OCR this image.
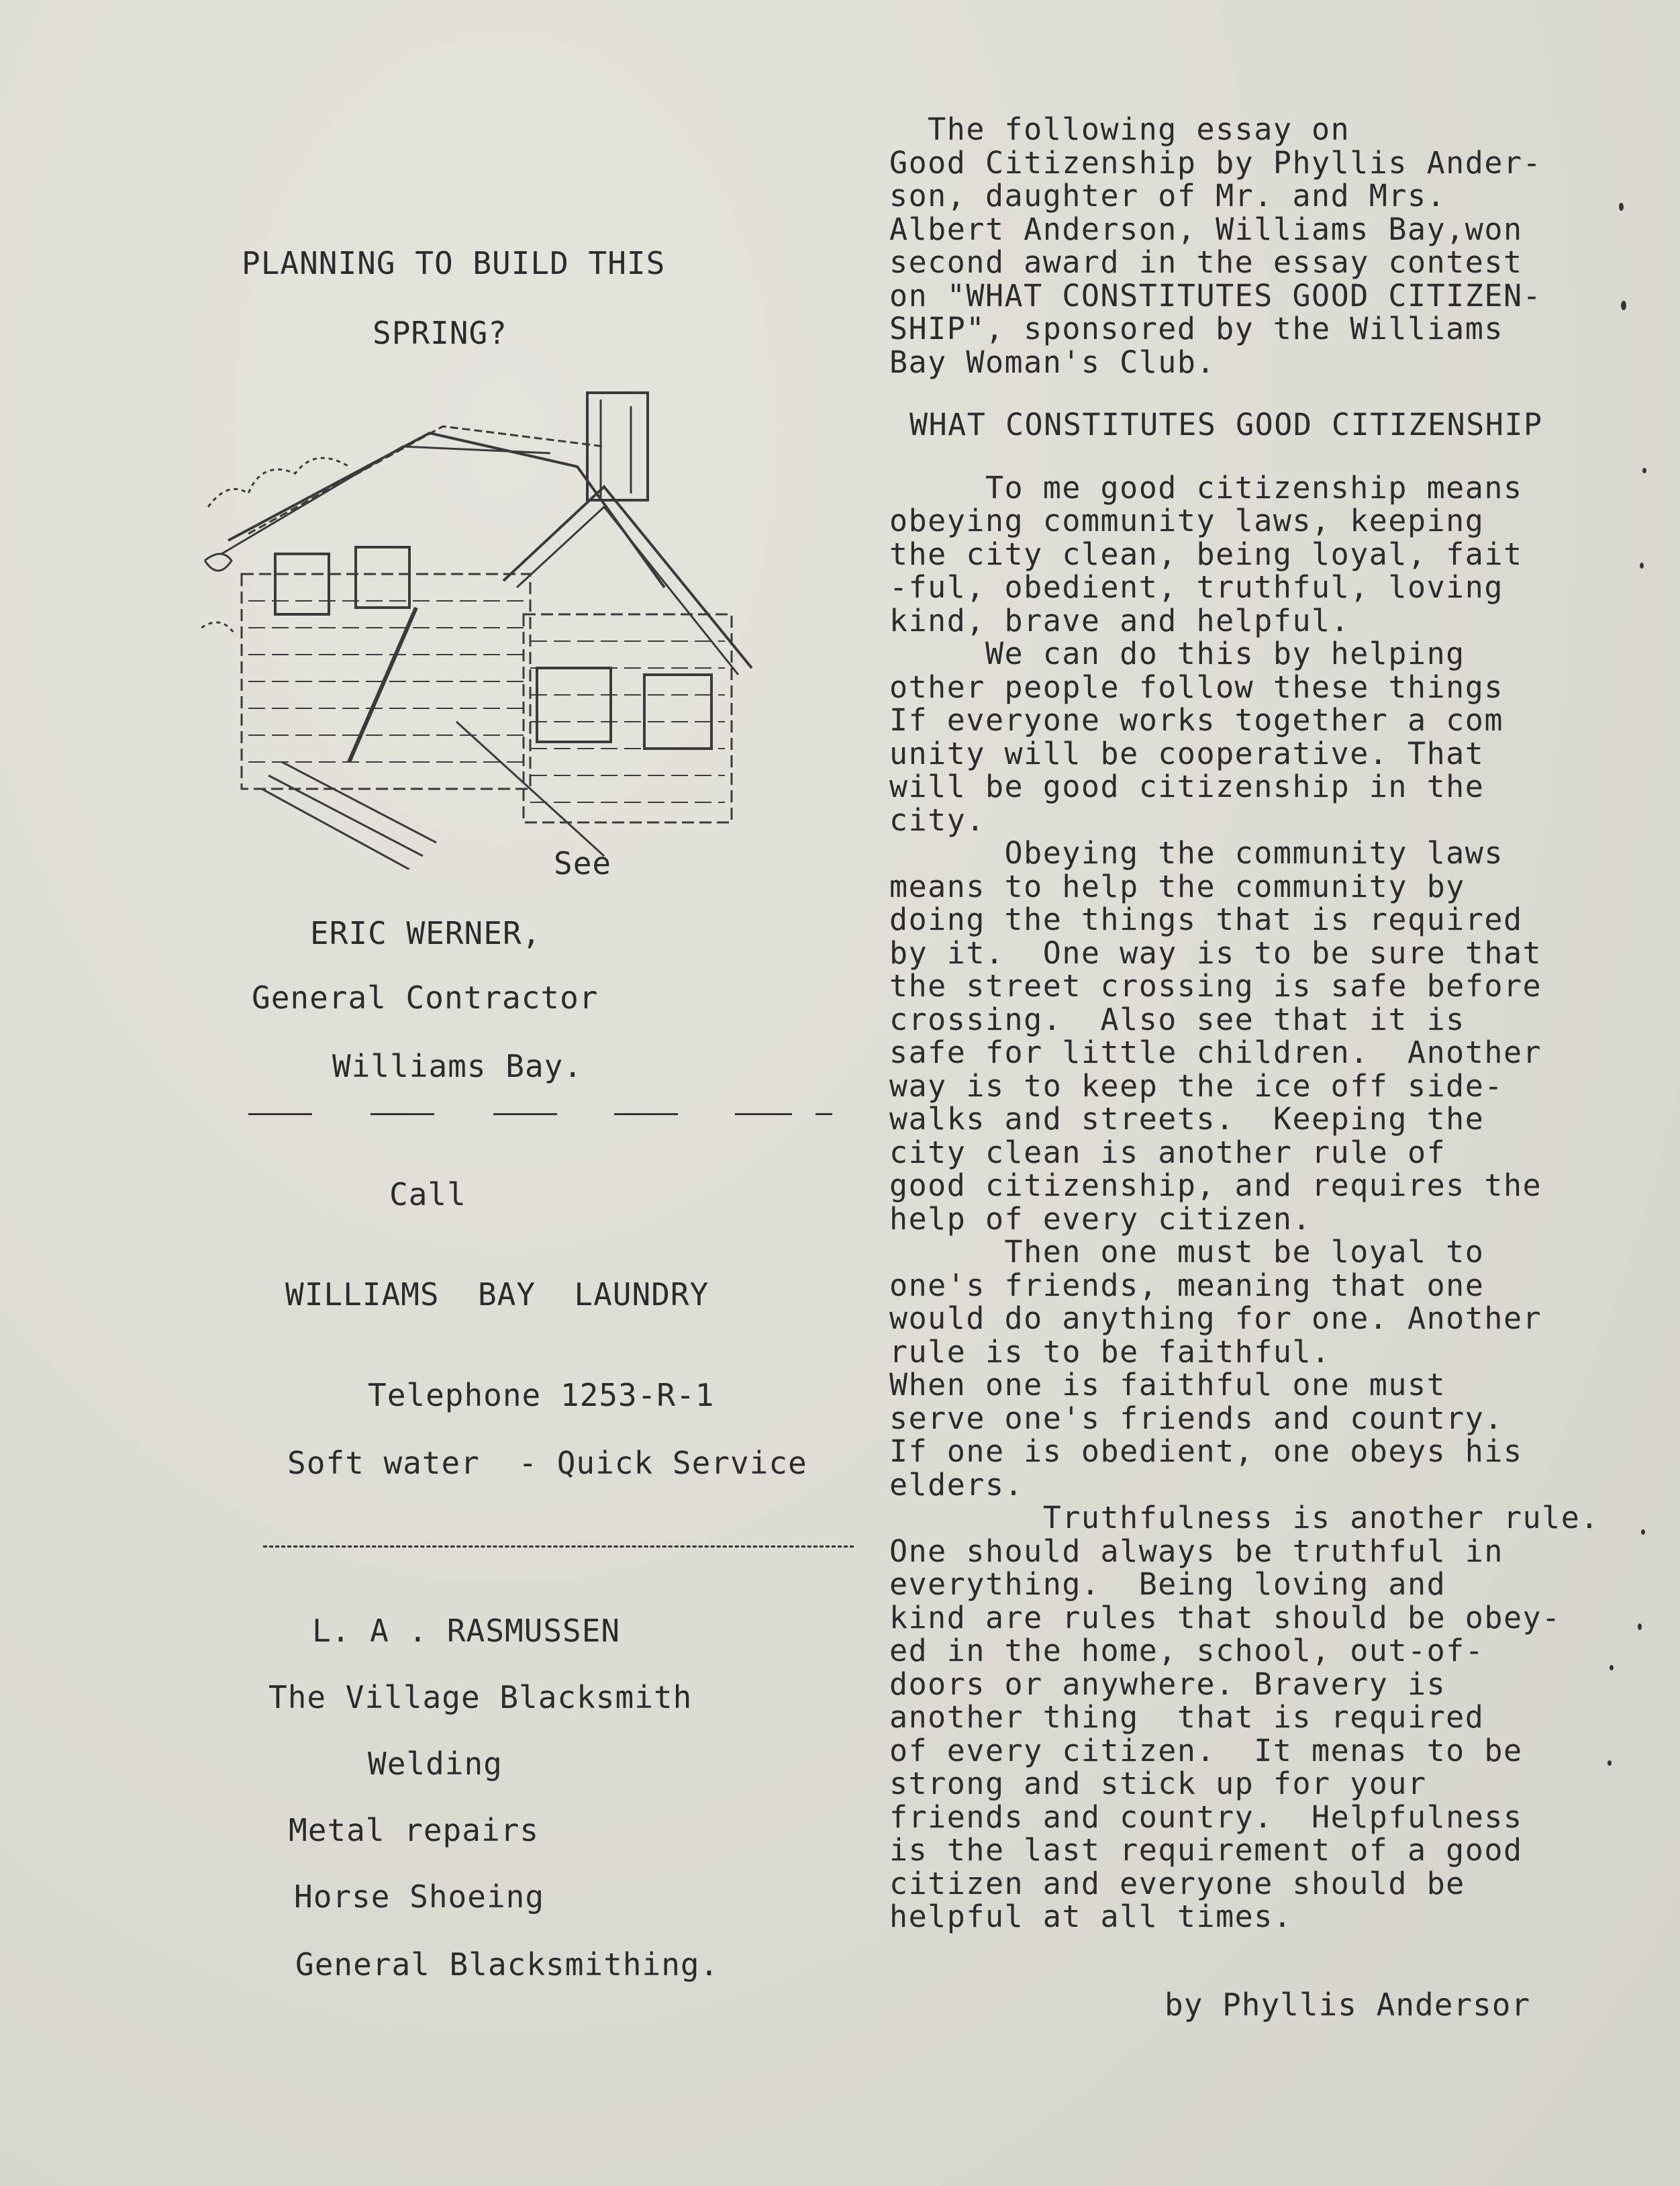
PLANNING TO BUILD THIS
SPRING?
See
ERIC WERNER,
General Contractor
Williams Bay.
Call
WILLIAMS  BAY  LAUNDRY
Telephone 1253-R-1
Soft water  - Quick Service
L. A . RASMUSSEN
The Village Blacksmith
Welding
Metal repairs
Horse Shoeing
General Blacksmithing.
The following essay on
Good Citizenship by Phyllis Ander-
son, daughter of Mr. and Mrs.
Albert Anderson, Williams Bay,won
second award in the essay contest
on "WHAT CONSTITUTES GOOD CITIZEN-
SHIP", sponsored by the Williams
Bay Woman's Club.
WHAT CONSTITUTES GOOD CITIZENSHIP
To me good citizenship means
obeying community laws, keeping
the city clean, being loyal, fait
-ful, obedient, truthful, loving
kind, brave and helpful.
We can do this by helping
other people follow these things
If everyone works together a com
unity will be cooperative. That
will be good citizenship in the
city.
Obeying the community laws
means to help the community by
doing the things that is required
by it.  One way is to be sure that
the street crossing is safe before
crossing.  Also see that it is
safe for little children.  Another
way is to keep the ice off side-
walks and streets.  Keeping the
city clean is another rule of
good citizenship, and requires the
help of every citizen.
Then one must be loyal to
one's friends, meaning that one
would do anything for one. Another
rule is to be faithful.
When one is faithful one must
serve one's friends and country.
If one is obedient, one obeys his
elders.
Truthfulness is another rule.
One should always be truthful in
everything.  Being loving and
kind are rules that should be obey-
ed in the home, school, out-of-
doors or anywhere. Bravery is
another thing  that is required
of every citizen.  It menas to be
strong and stick up for your
friends and country.  Helpfulness
is the last requirement of a good
citizen and everyone should be
helpful at all times.
by Phyllis Andersor
